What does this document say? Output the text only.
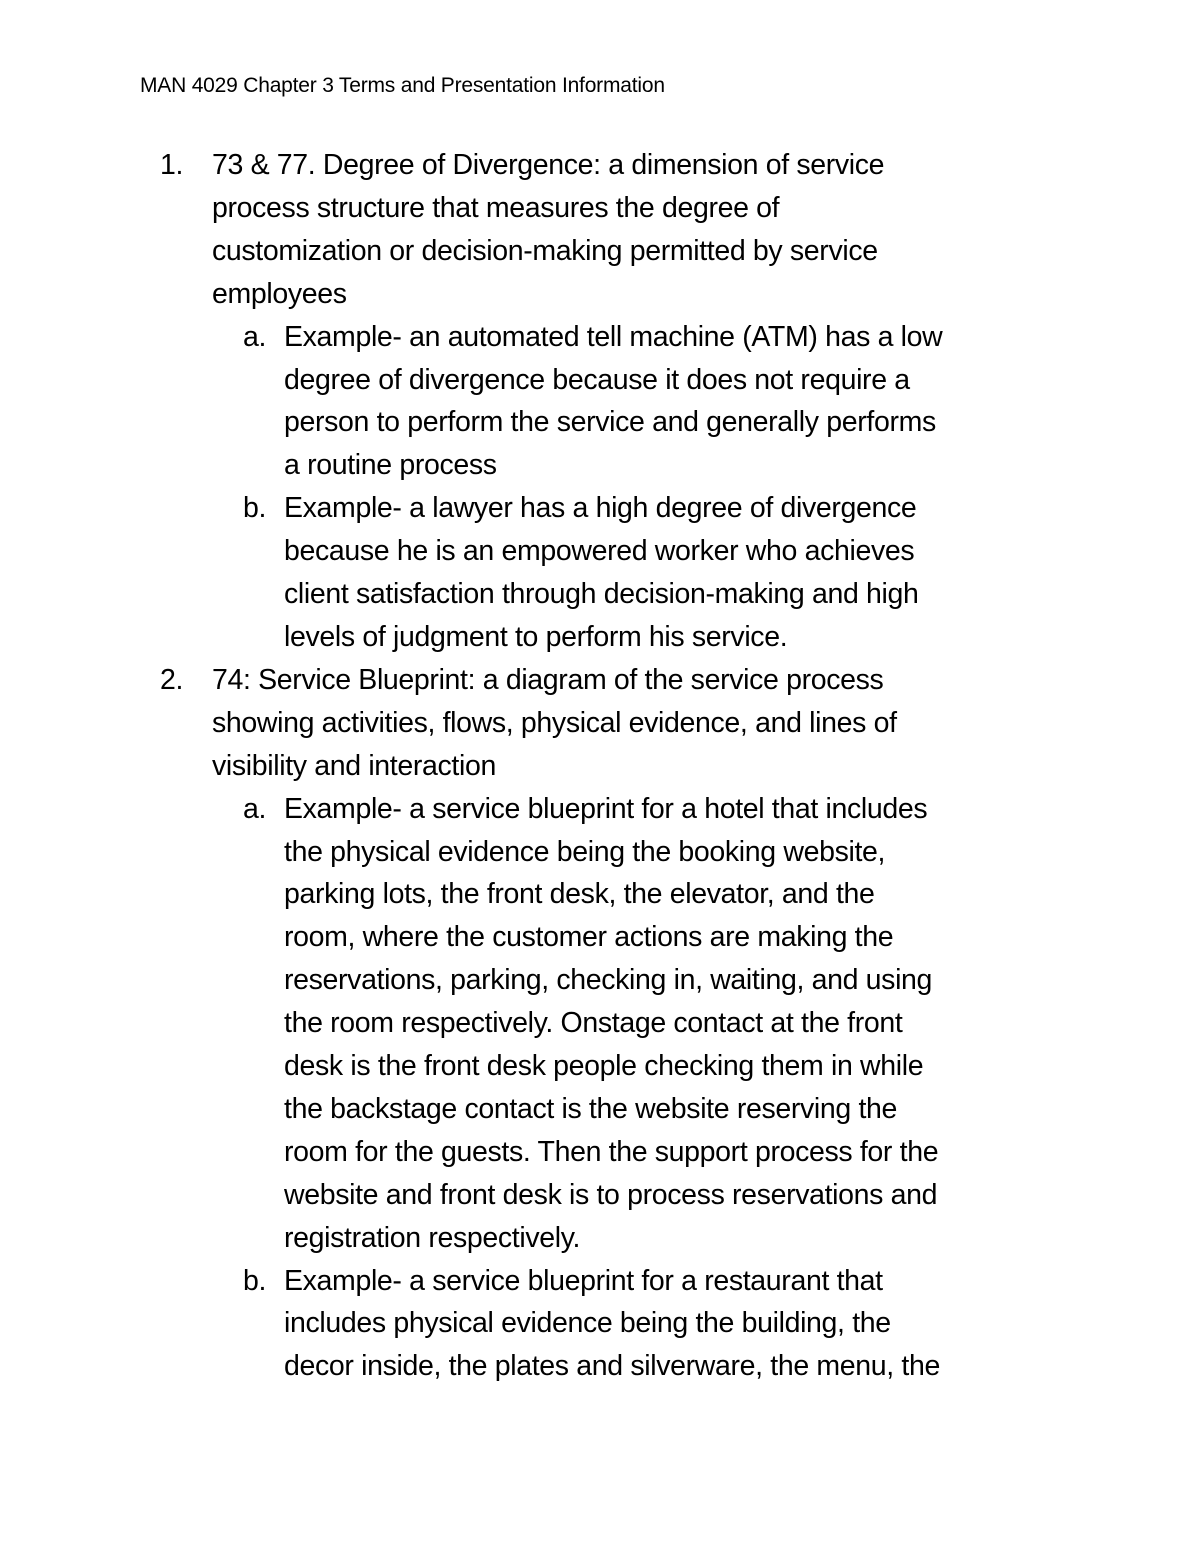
MAN 4029 Chapter 3 Terms and Presentation Information
1. 73 & 77. Degree of Divergence: a dimension of service
process structure that measures the degree of
customization or decision-making permitted by service
employees
a. Example- an automated tell machine (ATM) has a low
degree of divergence because it does not require a
person to perform the service and generally performs
a routine process
b. Example- a lawyer has a high degree of divergence
because he is an empowered worker who achieves
client satisfaction through decision-making and high
levels of judgment to perform his service.
2. 74: Service Blueprint: a diagram of the service process
showing activities, flows, physical evidence, and lines of
visibility and interaction
a. Example- a service blueprint for a hotel that includes
the physical evidence being the booking website,
parking lots, the front desk, the elevator, and the
room, where the customer actions are making the
reservations, parking, checking in, waiting, and using
the room respectively. Onstage contact at the front
desk is the front desk people checking them in while
the backstage contact is the website reserving the
room for the guests. Then the support process for the
website and front desk is to process reservations and
registration respectively.
b. Example- a service blueprint for a restaurant that
includes physical evidence being the building, the
decor inside, the plates and silverware, the menu, the
